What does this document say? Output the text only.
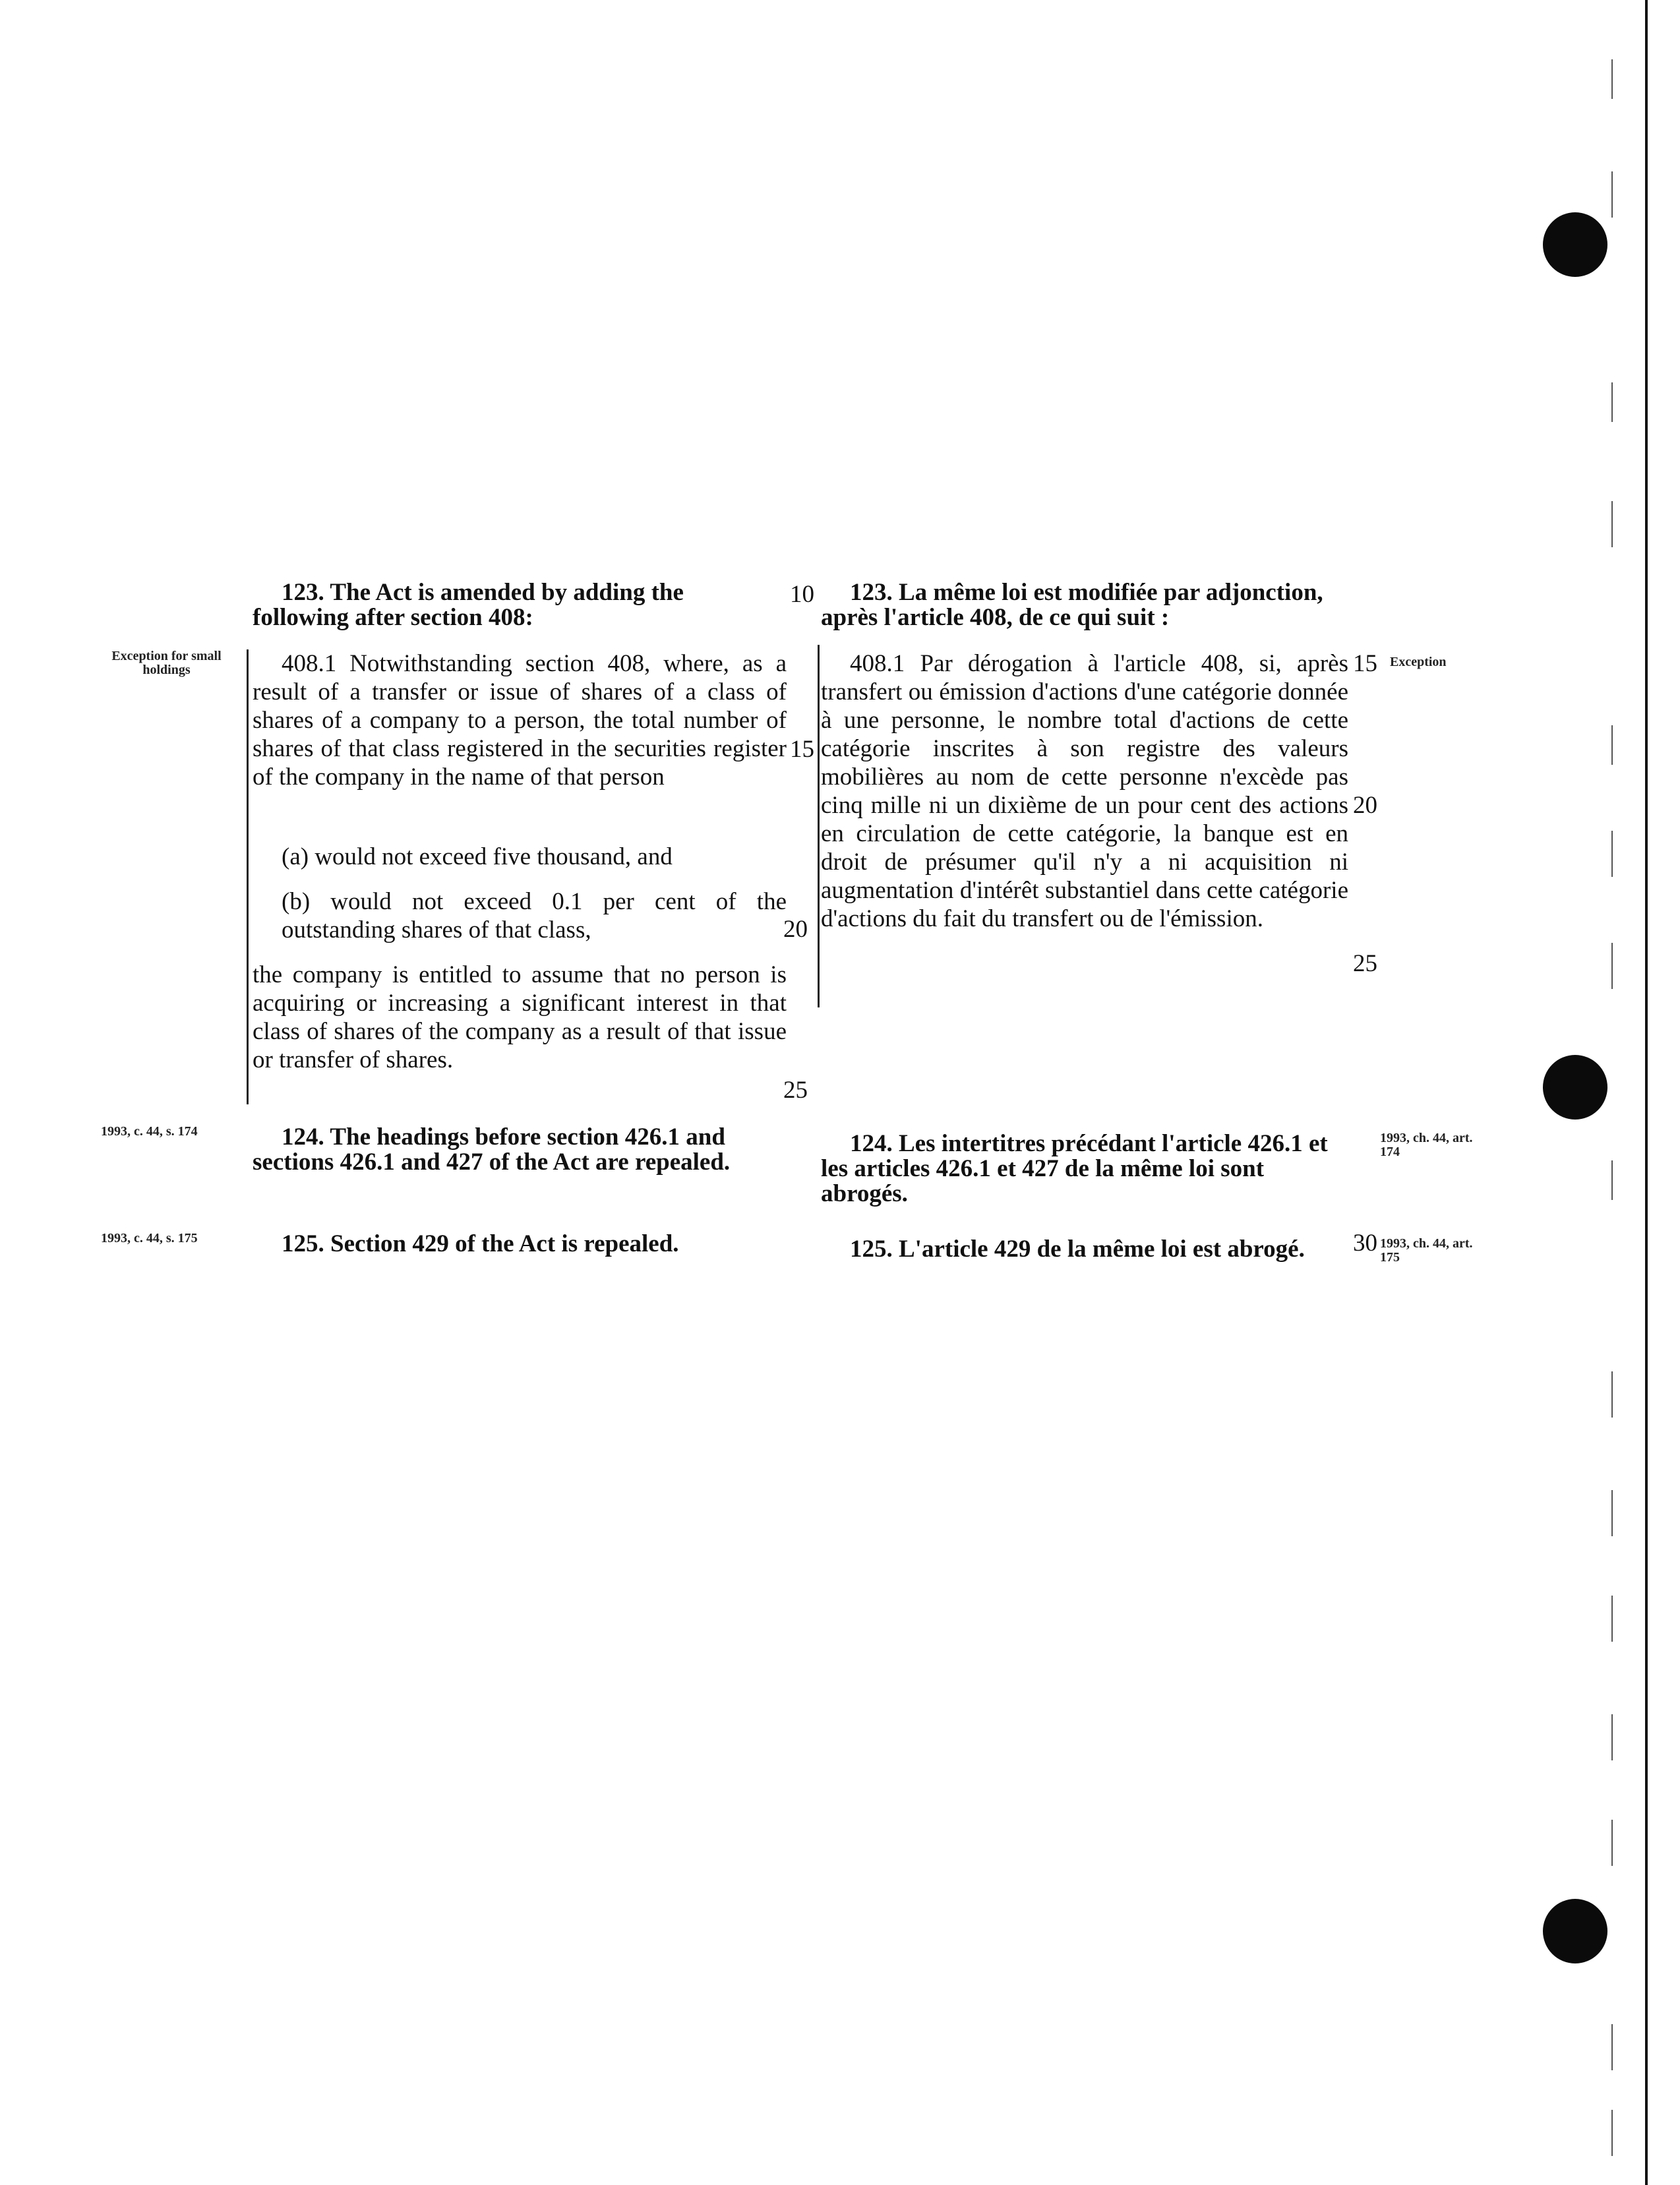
123. The Act is amended by adding the following after section 408:

123. La même loi est modifiée par adjonction, après l'article 408, de ce qui suit :

Exception for small holdings
Exception
1993, c. 44, s. 174	1993, ch. 44, art. 174
1993, c. 44, s. 175	1993, ch. 44, art. 175

408.1 Notwithstanding section 408, where, as a result of a transfer or issue of shares of a class of shares of a company to a person, the total number of shares of that class registered in the securities register of the company in the name of that person

(a) would not exceed five thousand, and

(b) would not exceed 0.1 per cent of the outstanding shares of that class,

the company is entitled to assume that no person is acquiring or increasing a significant interest in that class of shares of the company as a result of that issue or transfer of shares.

408.1 Par dérogation à l'article 408, si, après transfert ou émission d'actions d'une catégorie donnée à une personne, le nombre total d'actions de cette catégorie inscrites à son registre des valeurs mobilières au nom de cette personne n'excède pas cinq mille ni un dixième de un pour cent des actions en circulation de cette catégorie, la banque est en droit de présumer qu'il n'y a ni acquisition ni augmentation d'intérêt substantiel dans cette catégorie d'actions du fait du transfert ou de l'émission.

10
15
20
25
15
20
25
30

124. The headings before section 426.1 and sections 426.1 and 427 of the Act are repealed.

124. Les intertitres précédant l'article 426.1 et les articles 426.1 et 427 de la même loi sont abrogés.

125. Section 429 of the Act is repealed.	125. L'article 429 de la même loi est abrogé.
